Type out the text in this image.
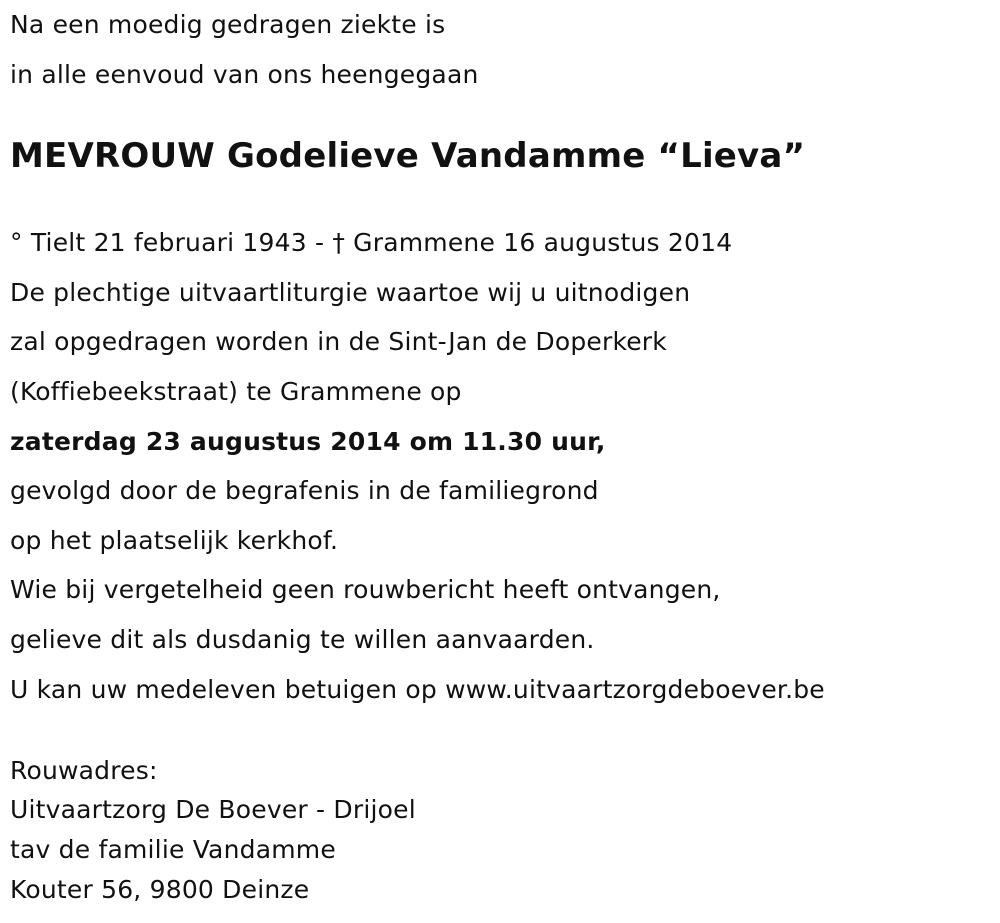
Na een moedig gedragen ziekte is
in alle eenvoud van ons heengegaan
MEVROUW Godelieve Vandamme “Lieva”
° Tielt 21 februari 1943 - † Grammene 16 augustus 2014
De plechtige uitvaartliturgie waartoe wij u uitnodigen
zal opgedragen worden in de Sint-Jan de Doperkerk
(Koffiebeekstraat) te Grammene op
zaterdag 23 augustus 2014 om 11.30 uur,
gevolgd door de begrafenis in de familiegrond
op het plaatselijk kerkhof.
Wie bij vergetelheid geen rouwbericht heeft ontvangen,
gelieve dit als dusdanig te willen aanvaarden.
U kan uw medeleven betuigen op www.uitvaartzorgdeboever.be
Rouwadres:
Uitvaartzorg De Boever - Drijoel
tav de familie Vandamme
Kouter 56, 9800 Deinze
